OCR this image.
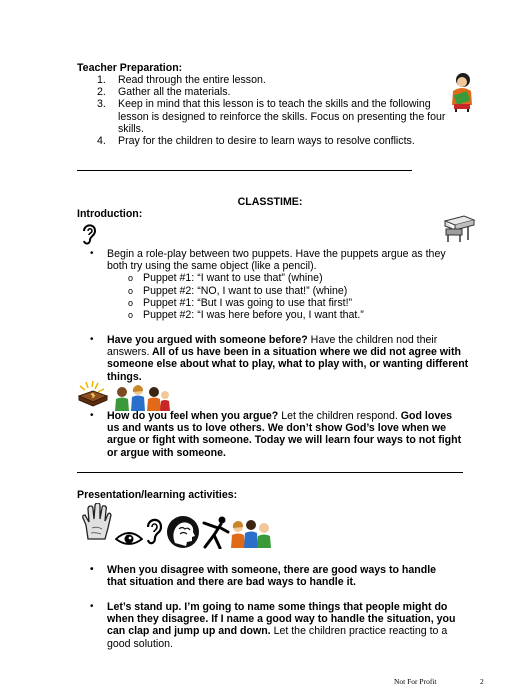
Teacher Preparation:
1. Read through the entire lesson.
2. Gather all the materials.
3. Keep in mind that this lesson is to teach the skills and the following lesson is designed to reinforce the skills. Focus on presenting the four skills.
4. Pray for the children to desire to learn ways to resolve conflicts.
CLASSTIME:
Introduction:
• Begin a role-play between two puppets. Have the puppets argue as they both try using the same object (like a pencil).
o Puppet #1: “I want to use that” (whine)
o Puppet #2: “NO, I want to use that!” (whine)
o Puppet #1: “But I was going to use that first!”
o Puppet #2: “I was here before you, I want that.”
• Have you argued with someone before? Have the children nod their answers. All of us have been in a situation where we did not agree with someone else about what to play, what to play with, or wanting different things.
• How do you feel when you argue? Let the children respond. God loves us and wants us to love others. We don’t show God’s love when we argue or fight with someone. Today we will learn four ways to not fight or argue with someone.
Presentation/learning activities:
• When you disagree with someone, there are good ways to handle that situation and there are bad ways to handle it.
• Let’s stand up. I’m going to name some things that people might do when they disagree. If I name a good way to handle the situation, you can clap and jump up and down. Let the children practice reacting to a good solution.
Not For Profit	2
